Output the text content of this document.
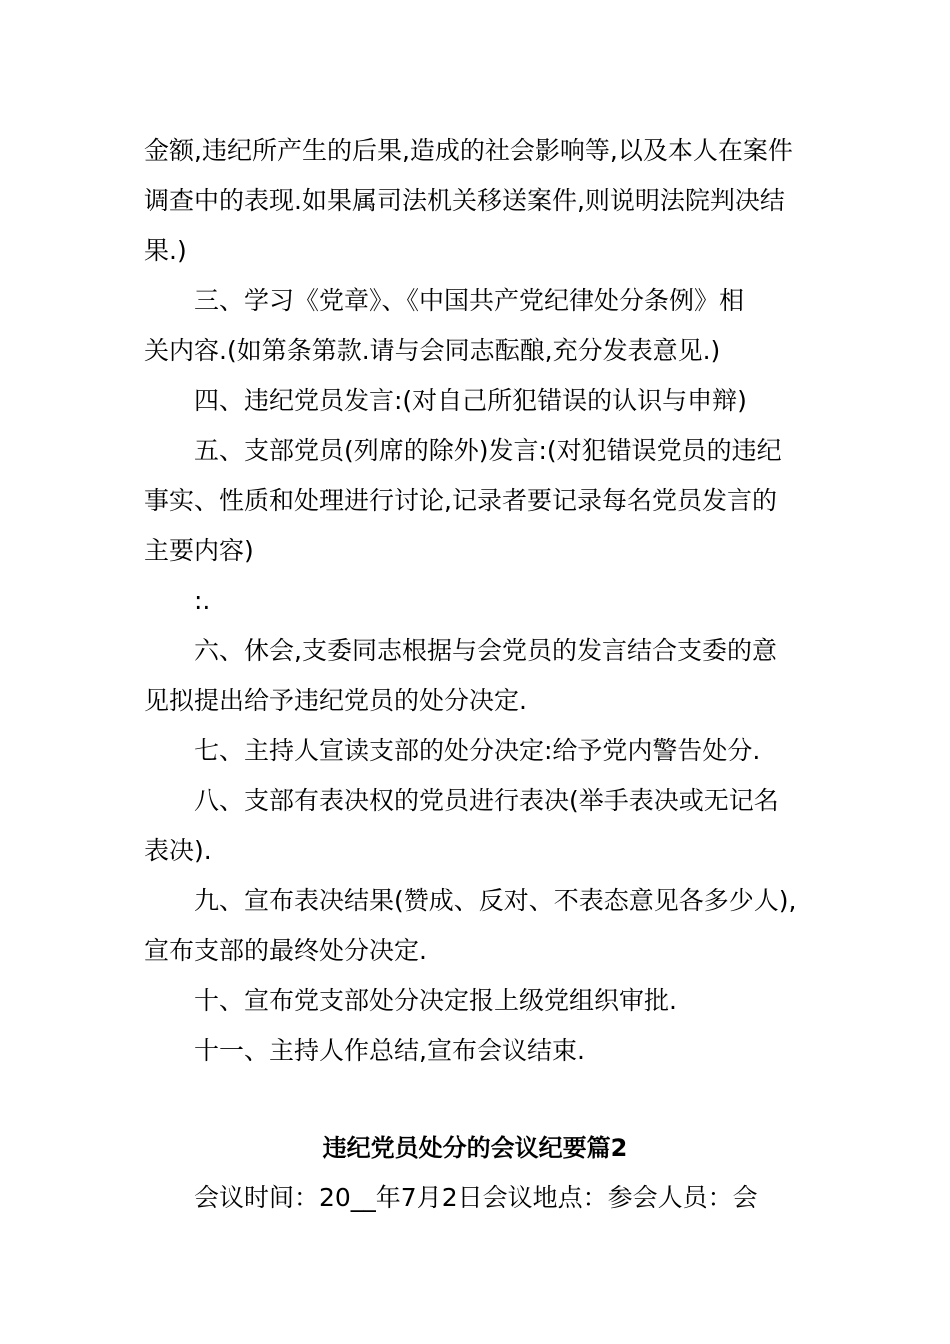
金额,违纪所产生的后果,造成的社会影响等,以及本人在案件
调查中的表现.如果属司法机关移送案件,则说明法院判决结
果.)
三、学习《党章》、《中国共产党纪律处分条例》相
关内容.(如第条第款.请与会同志酝酿,充分发表意见.)
四、违纪党员发言:(对自己所犯错误的认识与申辩)
五、支部党员(列席的除外)发言:(对犯错误党员的违纪
事实、性质和处理进行讨论,记录者要记录每名党员发言的
主要内容)
:.
六、休会,支委同志根据与会党员的发言结合支委的意
见拟提出给予违纪党员的处分决定.
七、主持人宣读支部的处分决定:给予党内警告处分.
八、支部有表决权的党员进行表决(举手表决或无记名
表决).
九、宣布表决结果(赞成、反对、不表态意见各多少人),
宣布支部的最终处分决定.
十、宣布党支部处分决定报上级党组织审批.
十一、主持人作总结,宣布会议结束.
违纪党员处分的会议纪要篇2
会议时间：20__年7月2日会议地点：参会人员：会
